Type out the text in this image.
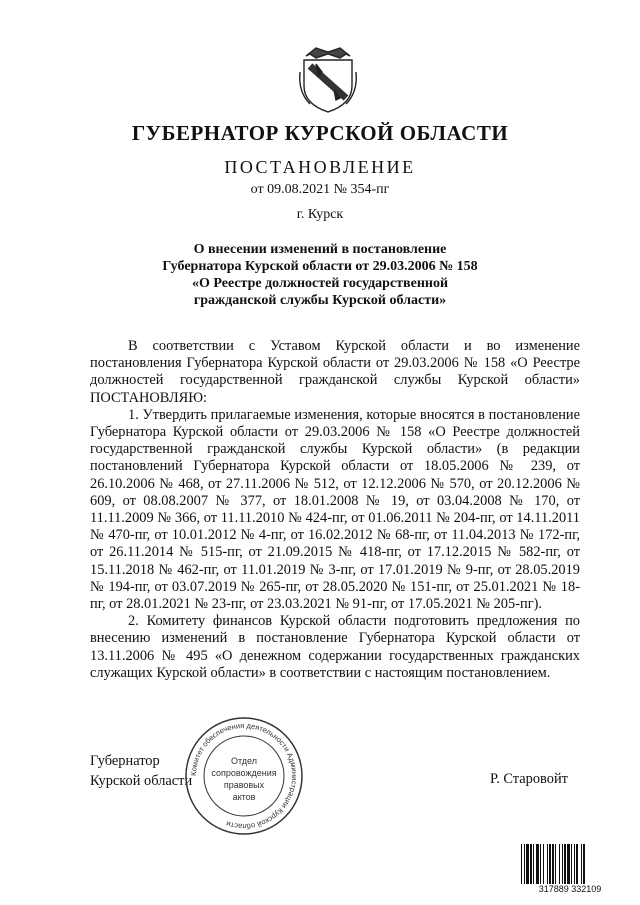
ГУБЕРНАТОР КУРСКОЙ ОБЛАСТИ
ПОСТАНОВЛЕНИЕ
от 09.08.2021 № 354-пг
г. Курск
О внесении изменений в постановление
Губернатора Курской области от 29.03.2006 № 158
«О Реестре должностей государственной
гражданской службы Курской области»

В соответствии с Уставом Курской области и во изменение постановления Губернатора Курской области от 29.03.2006 № 158 «О Реестре должностей государственной гражданской службы Курской области» ПОСТАНОВЛЯЮ:

1. Утвердить прилагаемые изменения, которые вносятся в постановление Губернатора Курской области от 29.03.2006 № 158 «О Реестре должностей государственной гражданской службы Курской области» (в редакции постановлений Губернатора Курской области от 18.05.2006 № 239, от 26.10.2006 № 468, от 27.11.2006 № 512, от 12.12.2006 № 570, от 20.12.2006 № 609, от 08.08.2007 № 377, от 18.01.2008 № 19, от 03.04.2008 № 170, от 11.11.2009 № 366, от 11.11.2010 № 424-пг, от 01.06.2011 № 204-пг, от 14.11.2011 № 470-пг, от 10.01.2012 № 4-пг, от 16.02.2012 № 68-пг, от 11.04.2013 № 172-пг, от 26.11.2014 № 515-пг, от 21.09.2015 № 418-пг, от 17.12.2015 № 582-пг, от 15.11.2018 № 462-пг, от 11.01.2019 № 3-пг, от 17.01.2019 № 9-пг, от 28.05.2019 № 194-пг, от 03.07.2019 № 265-пг, от 28.05.2020 № 151-пг, от 25.01.2021 № 18-пг, от 28.01.2021 № 23-пг, от 23.03.2021 № 91-пг, от 17.05.2021 № 205-пг).

2. Комитету финансов Курской области подготовить предложения по внесению изменений в постановление Губернатора Курской области от 13.11.2006 № 495 «О денежном содержании государственных гражданских служащих Курской области» в соответствии с настоящим постановлением.

Губернатор
Курской области	Р. Старовойт
Комитет обеспечения деятельности Администрации Курской области
Отдел
сопровождения
правовых
актов
317889 332109
